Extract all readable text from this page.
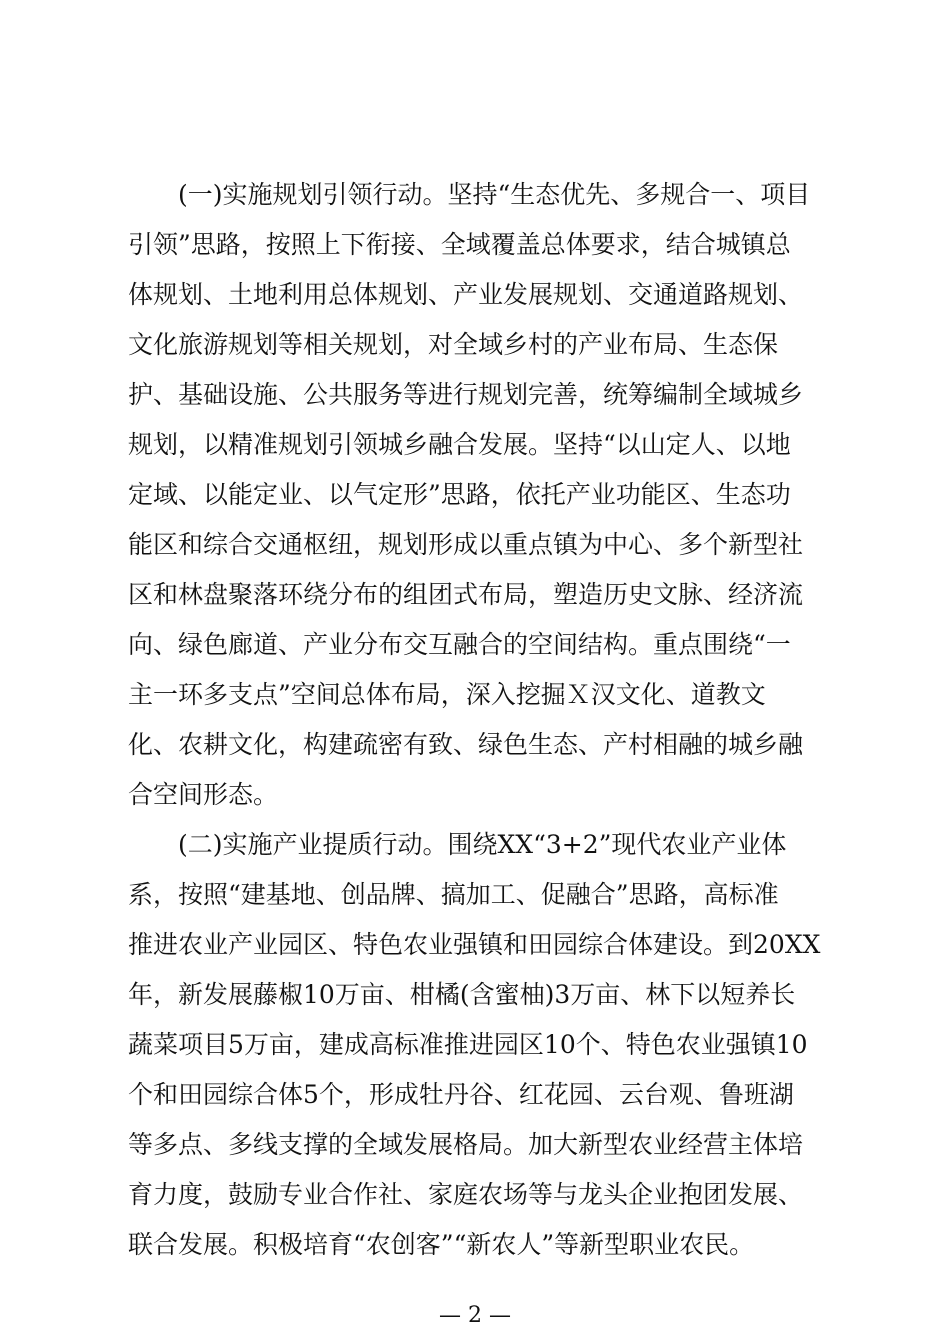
(一)实施规划引领行动。坚持“生态优先、多规合一、项目
引领”思路，按照上下衔接、全域覆盖总体要求，结合城镇总
体规划、土地利用总体规划、产业发展规划、交通道路规划、
文化旅游规划等相关规划，对全域乡村的产业布局、生态保
护、基础设施、公共服务等进行规划完善，统筹编制全域城乡
规划，以精准规划引领城乡融合发展。坚持“以山定人、以地
定域、以能定业、以气定形”思路，依托产业功能区、生态功
能区和综合交通枢纽，规划形成以重点镇为中心、多个新型社
区和林盘聚落环绕分布的组团式布局，塑造历史文脉、经济流
向、绿色廊道、产业分布交互融合的空间结构。重点围绕“一
主一环多支点”空间总体布局，深入挖掘Ｘ汉文化、道教文
化、农耕文化，构建疏密有致、绿色生态、产村相融的城乡融
合空间形态。
(二)实施产业提质行动。围绕XX“3+2”现代农业产业体
系，按照“建基地、创品牌、搞加工、促融合”思路，高标准
推进农业产业园区、特色农业强镇和田园综合体建设。到20XX
年，新发展藤椒10万亩、柑橘(含蜜柚)3万亩、林下以短养长
蔬菜项目5万亩，建成高标准推进园区10个、特色农业强镇10
个和田园综合体5个，形成牡丹谷、红花园、云台观、鲁班湖
等多点、多线支撑的全域发展格局。加大新型农业经营主体培
育力度，鼓励专业合作社、家庭农场等与龙头企业抱团发展、
联合发展。积极培育“农创客”“新农人”等新型职业农民。
— 2 —
